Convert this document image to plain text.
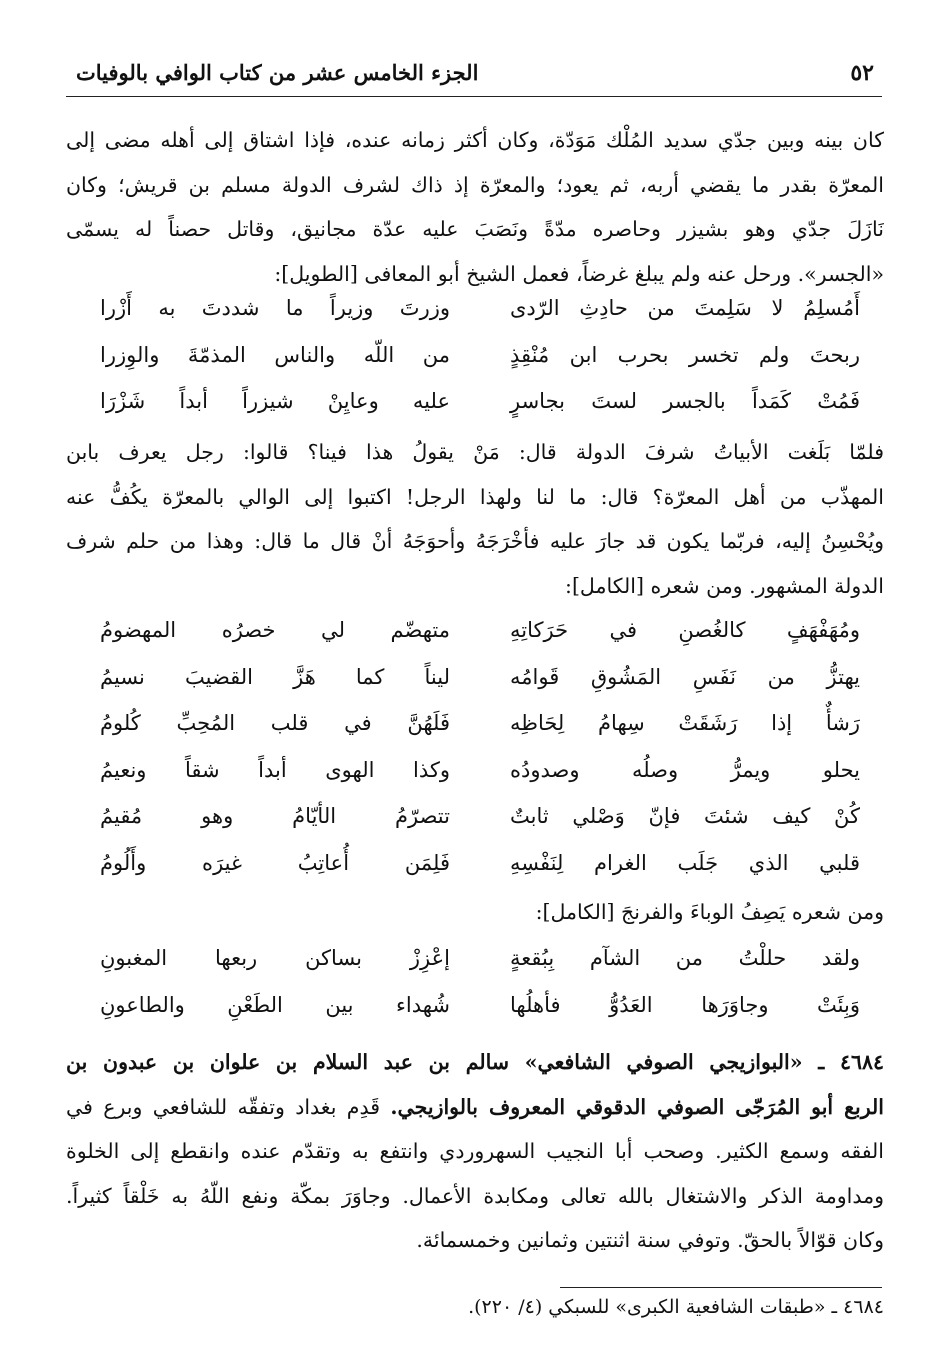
٥٢
الجزء الخامس عشر من كتاب الوافي بالوفيات
كان بينه وبين جدّي سديد المُلْك مَوَدّة، وكان أكثر زمانه عنده، فإذا اشتاق إلى أهله مضى إلى
المعرّة بقدر ما يقضي أربه، ثم يعود؛ والمعرّة إذ ذاك لشرف الدولة مسلم بن قريش؛ وكان
نَازَلَ جدّي وهو بشيزر وحاصره مدّةً ونَصَبَ عليه عدّة مجانيق، وقاتل حصناً له يسمّى
«الجسر». ورحل عنه ولم يبلغ غرضاً، فعمل الشيخ أبو المعافى [الطويل]:
أَمُسلِمُ لا سَلِمتَ من حادِثِ الرّدى
وزرتَ وزيراً ما شددتَ به أَزْرا
ربحتَ ولم تخسر بحرب ابن مُنْقِذٍ
من اللّه والناس المذمّةَ والوِزرا
فَمُتْ كَمَداً بالجسر لستَ بجاسرٍ
عليه وعايِنْ شيزراً أبداً شَزْرَا
فلمّا بَلَغت الأبياتُ شرفَ الدولة قال: مَنْ يقولُ هذا فينا؟ قالوا: رجل يعرف بابن
المهذّب من أهل المعرّة؟ قال: ما لنا ولهذا الرجل! اكتبوا إلى الوالي بالمعرّة يكُفُّ عنه
ويُحْسِنُ إليه، فربّما يكون قد جارَ عليه فأخْرَجَهُ وأحوَجَهُ أنْ قال ما قال: وهذا من حلم شرف
الدولة المشهور. ومن شعره [الكامل]:
ومُهَفْهَفٍ كالغُصنِ في حَرَكاتِهِ
متهضّم لي خصرُه المهضومُ
يهتزُّ من نَفَسِ المَشُوقِ قَوامُه
ليناً كما هَزَّ القضيبَ نسيمُ
رَشأٌ إذا رَشَقَتْ سِهامُ لِحَاظِه
فَلَهُنَّ في قلب المُحِبِّ كُلومُ
يحلو ويمرُّ وصلُه وصدودُه
وكذا الهوى أبداً شقاً ونعيمُ
كُنْ كيف شئتَ فإنّ وَصْلي ثابتٌ
تتصرّمُ الأيّامُ وهو مُقيمُ
قلبي الذي جَلَب الغرام لِنَفْسِهِ
فَلِمَن أُعاتِبُ غيرَه وأَلُومُ
ومن شعره يَصِفُ الوباءَ والفرنجَ [الكامل]:
ولقد حللْتُ من الشآم بِبُقعةٍ
إعْزِزْ بساكن ربعها المغبونِ
وَبِئَتْ وجاوَرَها العَدُوُّ فأهلُها
شُهداء بين الطَعْنِ والطاعونِ
٤٦٨٤ ـ «البوازيجي الصوفي الشافعي» سالم بن عبد السلام بن علوان بن عبدون بن
الربع أبو المُرَجّى الصوفي الدقوقي المعروف بالوازيجي. قَدِم بغداد وتفقّه للشافعي وبرع في
الفقه وسمع الكثير. وصحب أبا النجيب السهروردي وانتفع به وتقدّم عنده وانقطع إلى الخلوة
ومداومة الذكر والاشتغال بالله تعالى ومكابدة الأعمال. وجاوَرَ بمكّة ونفع اللّهُ به خَلْقاً كثيراً.
وكان قوّالاً بالحقّ. وتوفي سنة اثنتين وثمانين وخمسمائة.
٤٦٨٤ ـ «طبقات الشافعية الكبرى» للسبكي (٤/ ٢٢٠).
